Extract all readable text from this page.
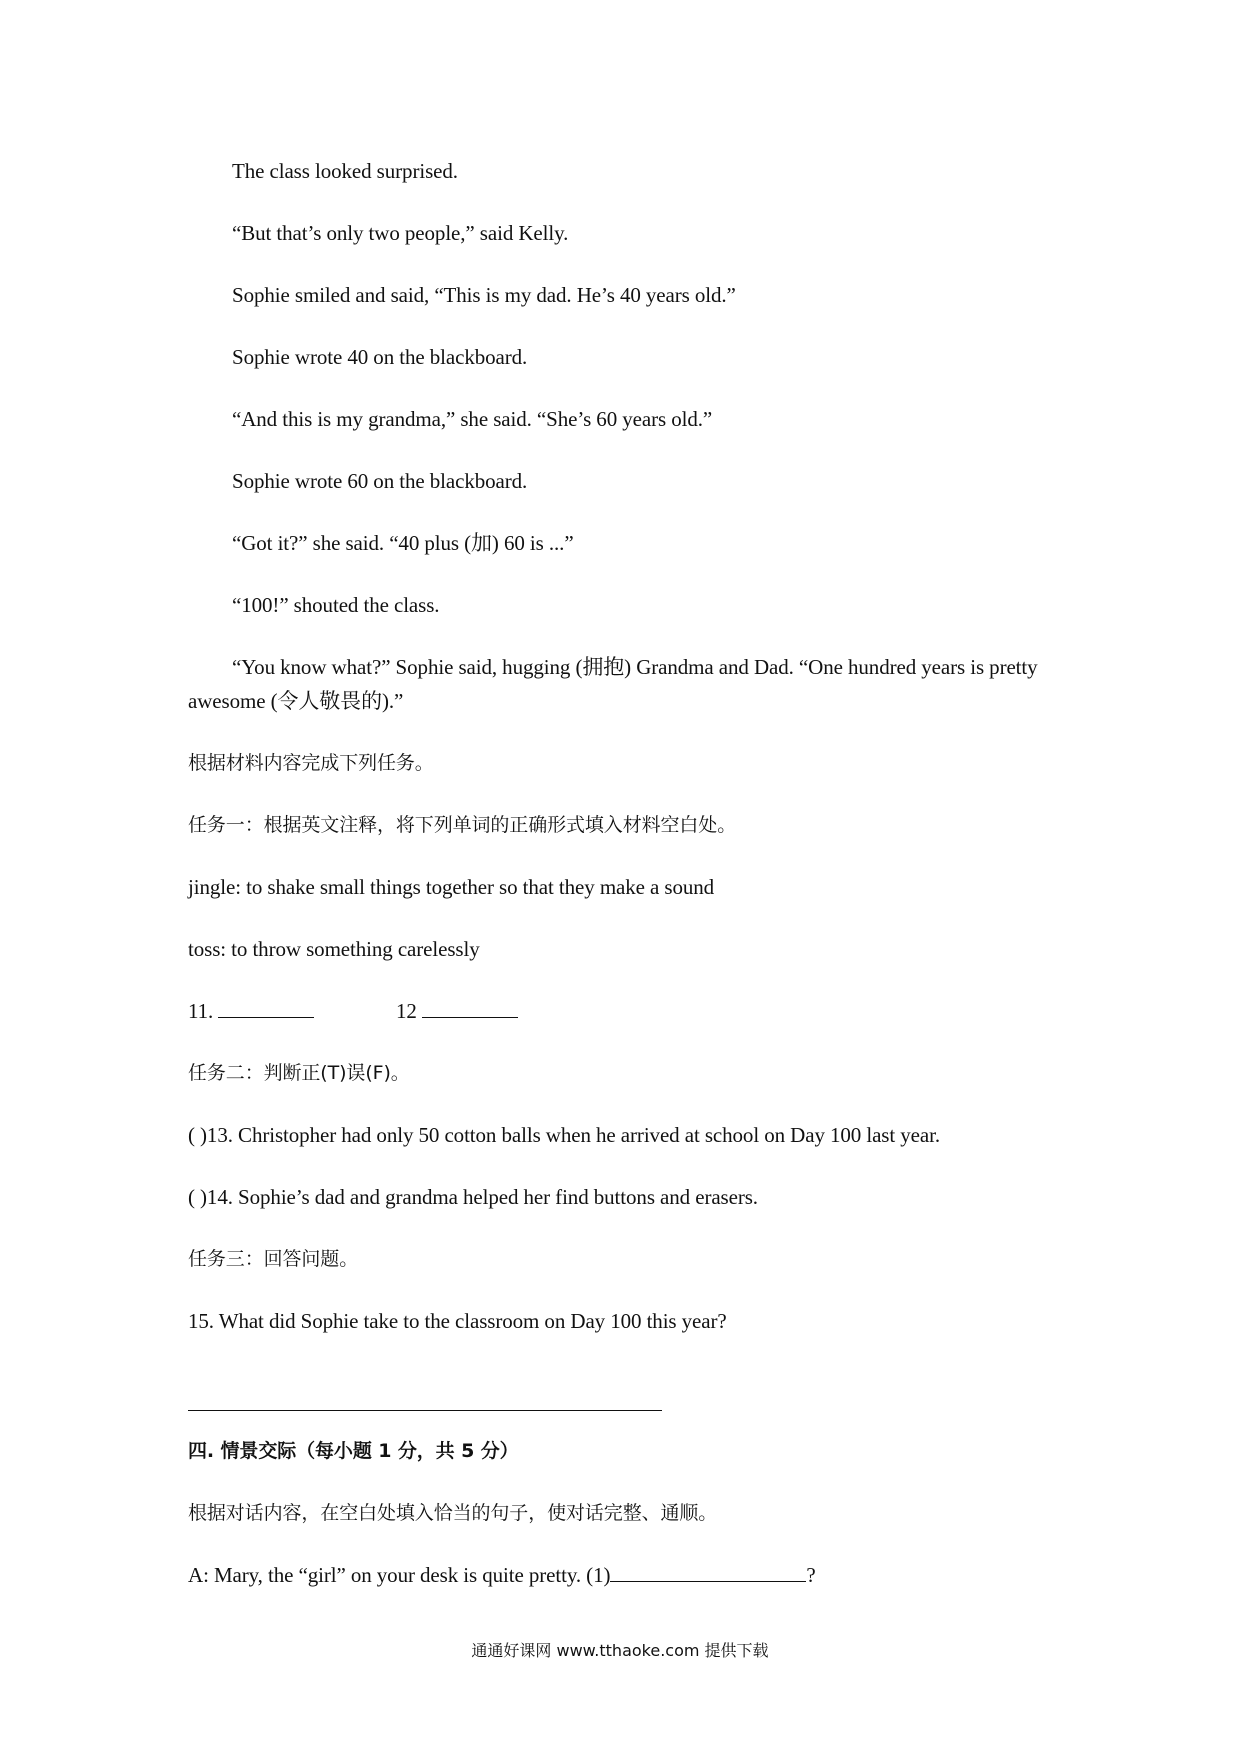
The class looked surprised.
“But that’s only two people,” said Kelly.
Sophie smiled and said, “This is my dad. He’s 40 years old.”
Sophie wrote 40 on the blackboard.
“And this is my grandma,” she said. “She’s 60 years old.”
Sophie wrote 60 on the blackboard.
“Got it?” she said. “40 plus (加) 60 is ...”
“100!” shouted the class.
“You know what?” Sophie said, hugging (拥抱) Grandma and Dad. “One hundred years is pretty awesome (令人敬畏的).”
根据材料内容完成下列任务。
任务一：根据英文注释，将下列单词的正确形式填入材料空白处。
jingle: to shake small things together so that they make a sound
toss: to throw something carelessly
11.	12
任务二：判断正(T)误(F)。
( )13. Christopher had only 50 cotton balls when he arrived at school on Day 100 last year.
( )14. Sophie’s dad and grandma helped her find buttons and erasers.
任务三：回答问题。
15. What did Sophie take to the classroom on Day 100 this year?
四. 情景交际（每小题 1 分，共 5 分）
根据对话内容，在空白处填入恰当的句子，使对话完整、通顺。
A: Mary, the “girl” on your desk is quite pretty. (1)	?
通通好课网 www.tthaoke.com 提供下载
